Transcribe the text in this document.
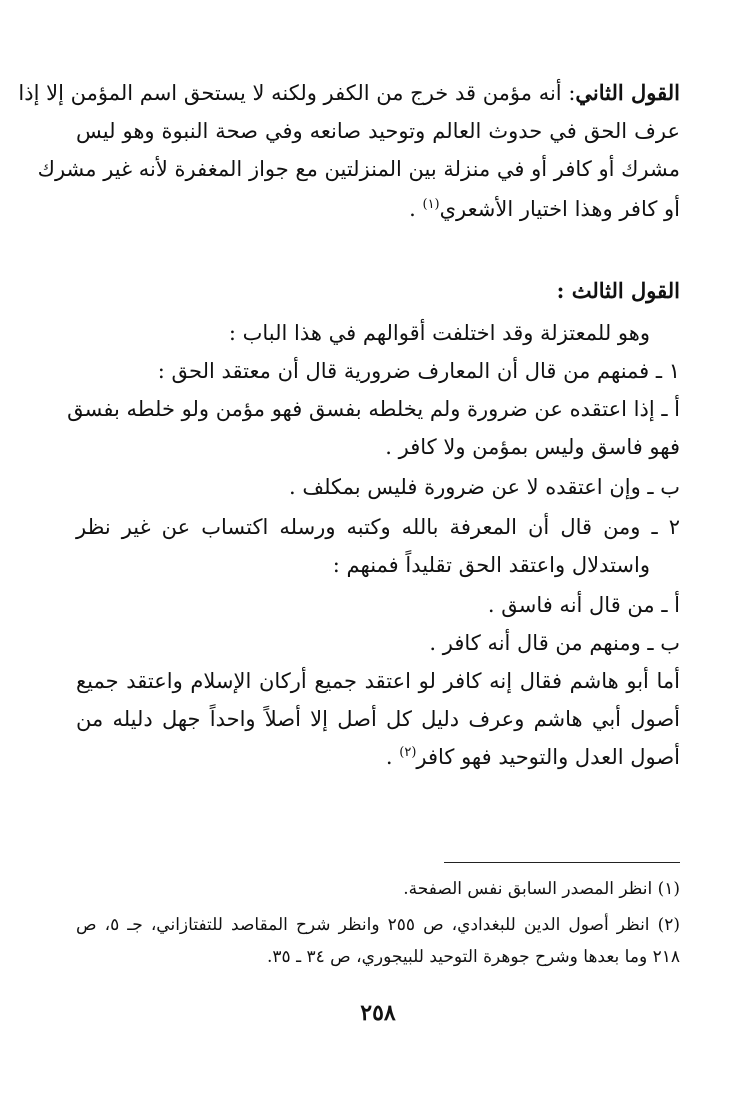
القول الثاني: أنه مؤمن قد خرج من الكفر ولكنه لا يستحق اسم المؤمن إلا إذا
عرف الحق في حدوث العالم وتوحيد صانعه وفي صحة النبوة وهو ليس
مشرك أو كافر أو في منزلة بين المنزلتين مع جواز المغفرة لأنه غير مشرك
أو كافر وهذا اختيار الأشعري$^{(١)}$ .
القول الثالث :
وهو للمعتزلة وقد اختلفت أقوالهم في هذا الباب :
١ ـ فمنهم من قال أن المعارف ضرورية قال أن معتقد الحق :
أ ـ إذا اعتقده عن ضرورة ولم يخلطه بفسق فهو مؤمن ولو خلطه بفسق
فهو فاسق وليس بمؤمن ولا كافر .
ب ـ وإن اعتقده لا عن ضرورة فليس بمكلف .
٢ ـ ومن قال أن المعرفة بالله وكتبه ورسله اكتساب عن غير نظر
واستدلال واعتقد الحق تقليداً فمنهم :
أ ـ من قال أنه فاسق .
ب ـ ومنهم من قال أنه كافر .
أما أبو هاشم فقال إنه كافر لو اعتقد جميع أركان الإسلام واعتقد جميع
أصول أبي هاشم وعرف دليل كل أصل إلا أصلاً واحداً جهل دليله من
أصول العدل والتوحيد فهو كافر$^{(٢)}$ .
(١) انظر المصدر السابق نفس الصفحة.
(٢) انظر أصول الدين للبغدادي، ص ٢٥٥ وانظر شرح المقاصد للتفتازاني، جـ ٥، ص
٢١٨ وما بعدها وشرح جوهرة التوحيد للبيجوري، ص ٣٤ ـ ٣٥.
٢٥٨
